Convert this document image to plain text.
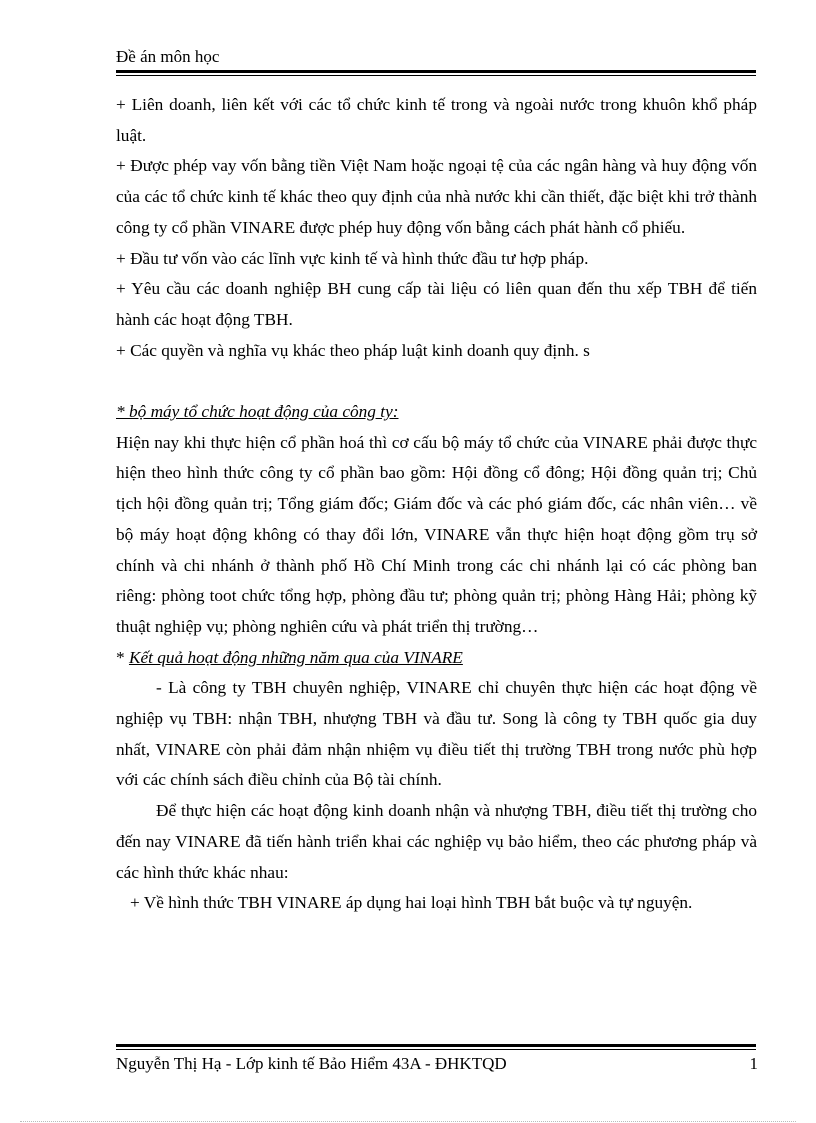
Đề án môn học

+ Liên doanh, liên kết với các tổ chức kinh tế trong và ngoài nước trong khuôn khổ pháp luật.

+ Được phép vay vốn bằng tiền Việt Nam hoặc ngoại tệ của các ngân hàng và huy động vốn của các tổ chức kinh tế khác theo quy định của nhà nước khi cần thiết, đặc biệt khi trở thành công ty cổ phần VINARE được phép huy động vốn bằng cách phát hành cổ phiếu.

+ Đầu tư vốn vào các lĩnh vực kinh tế và hình thức đầu tư hợp pháp.

+ Yêu cầu các doanh nghiệp BH cung cấp tài liệu có liên quan đến thu xếp TBH để tiến hành các hoạt động TBH.

+ Các quyền và nghĩa vụ khác theo pháp luật kinh doanh quy định. s

* bộ máy tổ chức hoạt động của công ty:

Hiện nay khi thực hiện cổ phần hoá thì cơ cấu bộ máy tổ chức của VINARE phải được thực hiện theo hình thức công ty cổ phần bao gồm: Hội đồng cổ đông; Hội đồng quản trị; Chủ tịch hội đồng quản trị; Tổng giám đốc; Giám đốc và các phó giám đốc, các nhân viên… về bộ máy hoạt động không có thay đổi lớn, VINARE vẫn thực hiện hoạt động gồm trụ sở chính và chi nhánh ở thành phố Hồ Chí Minh trong các chi nhánh lại có các phòng ban riêng: phòng toot chức tổng hợp, phòng đầu tư; phòng quản trị; phòng Hàng Hải; phòng kỹ thuật nghiệp vụ; phòng nghiên cứu và phát triển thị trường…

* Kết quả hoạt động những năm qua của VINARE

- Là công ty TBH chuyên nghiệp, VINARE chỉ chuyên thực hiện các hoạt động về nghiệp vụ TBH: nhận TBH, nhượng TBH và đầu tư. Song là công ty TBH quốc gia duy nhất, VINARE còn phải đảm nhận nhiệm vụ điều tiết thị trường TBH trong nước phù hợp với các chính sách điều chỉnh của Bộ tài chính.

Để thực hiện các hoạt động kinh doanh nhận và nhượng TBH, điều tiết thị trường cho đến nay VINARE đã tiến hành triển khai các nghiệp vụ bảo hiểm, theo các phương pháp và các hình thức khác nhau:

+ Về hình thức TBH VINARE áp dụng hai loại hình TBH bắt buộc và tự nguyện.

Nguyễn Thị Hạ - Lớp kinh tế Bảo Hiểm 43A - ĐHKTQD	1
